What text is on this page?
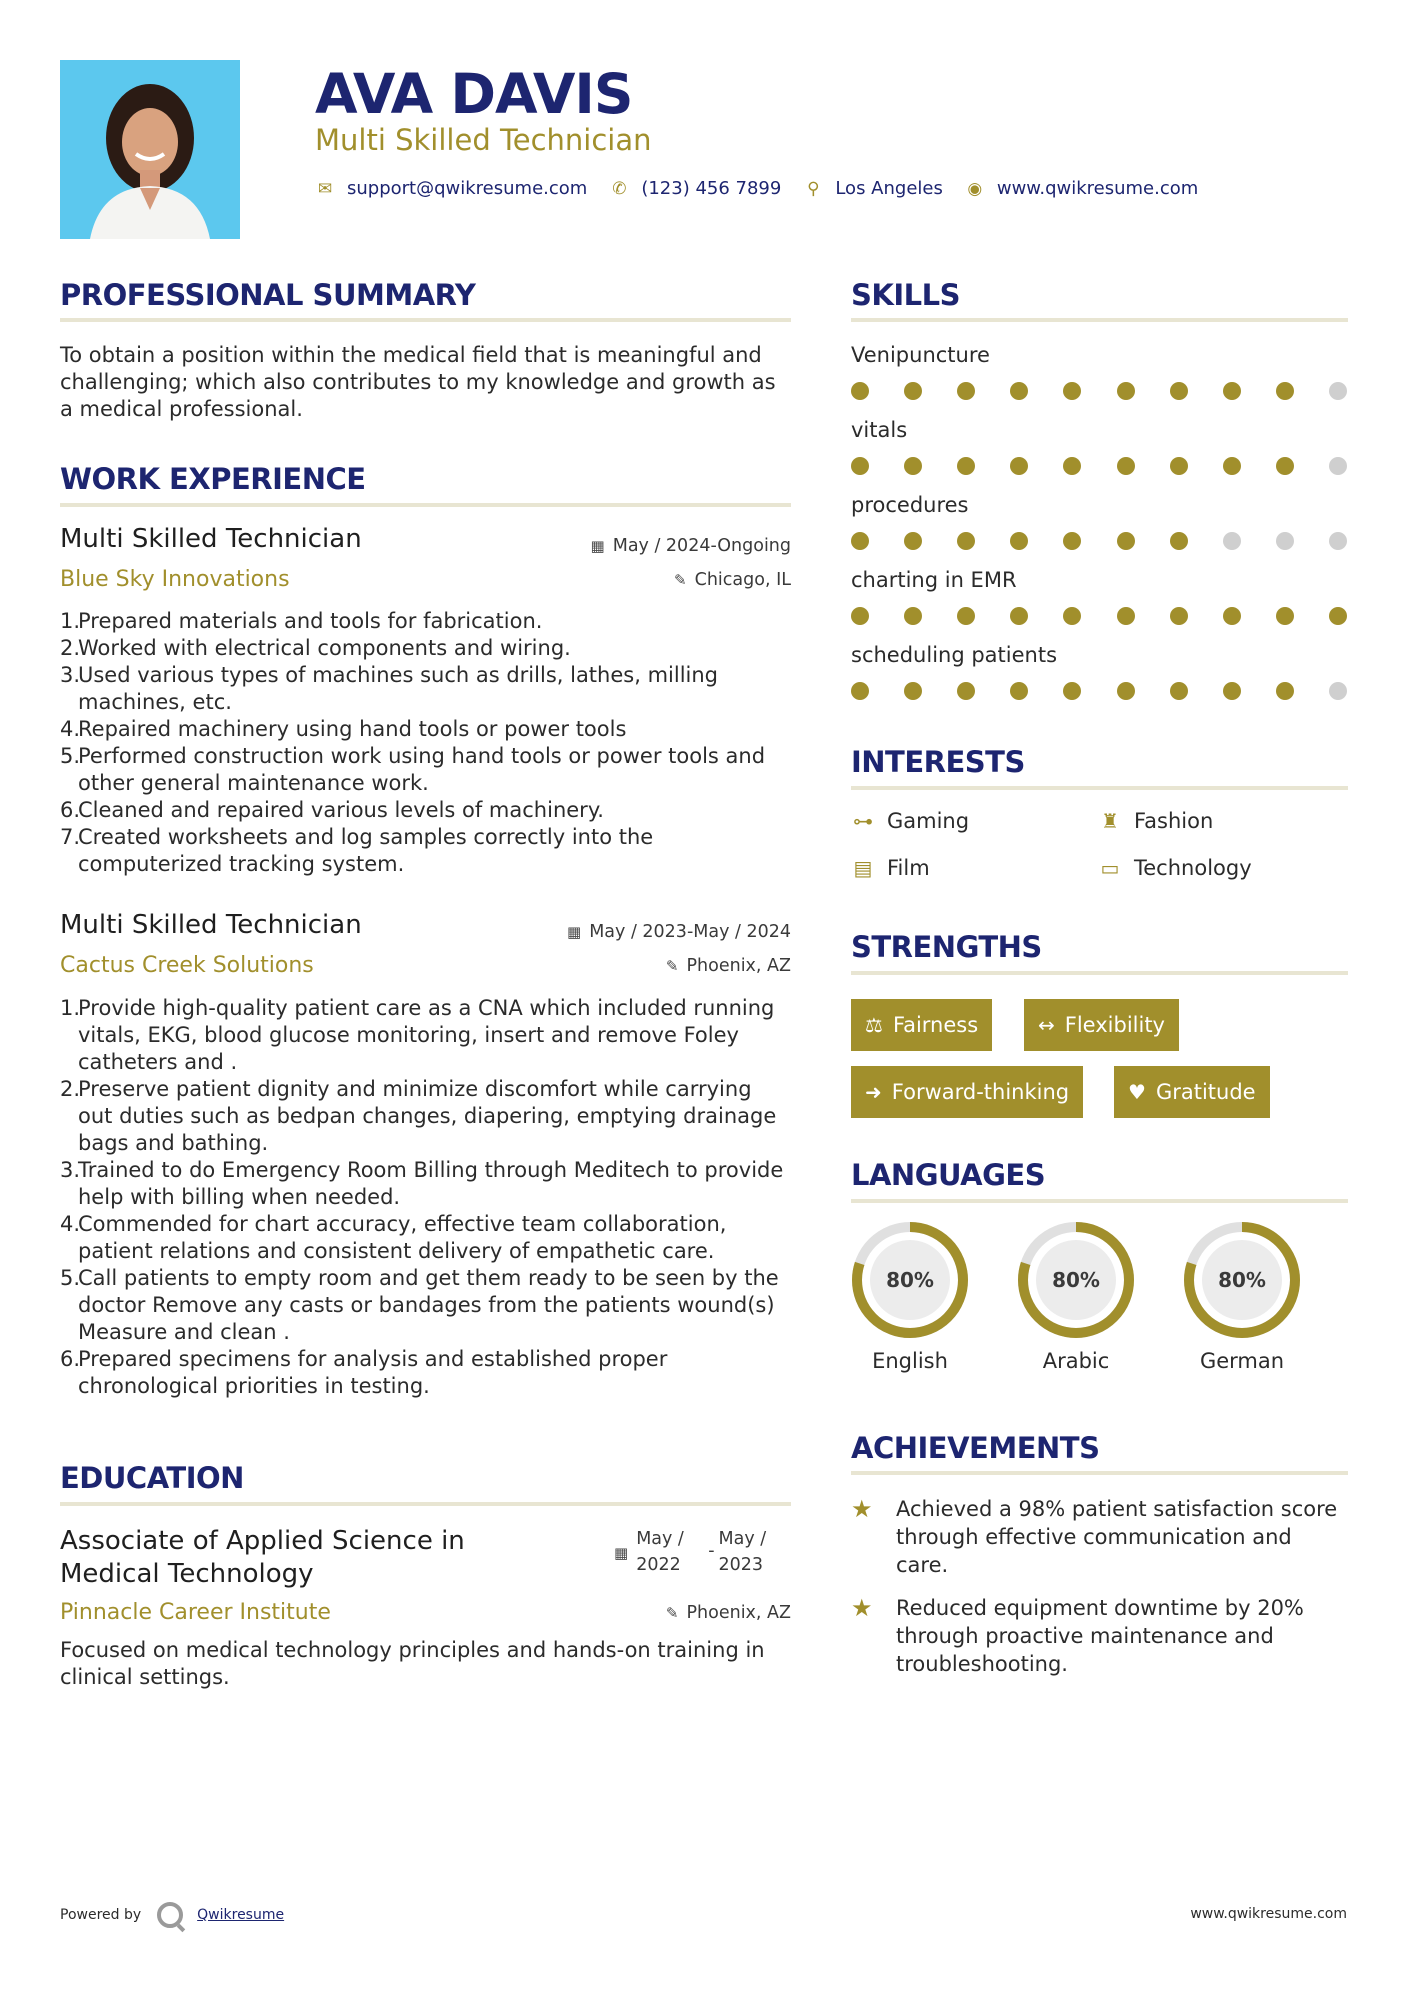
AVA DAVIS
Multi Skilled Technician
✉ support@qwikresume.com ✆ (123) 456 7899 ⚲ Los Angeles ◉ www.qwikresume.com
PROFESSIONAL SUMMARY
To obtain a position within the medical field that is meaningful and challenging; which also contributes to my knowledge and growth as a medical professional.
WORK EXPERIENCE
Multi Skilled Technician	▦ May / 2024-Ongoing
Blue Sky Innovations	✎ Chicago, IL
1.
Prepared materials and tools for fabrication.
2.
Worked with electrical components and wiring.
3.
Used various types of machines such as drills, lathes, milling machines, etc.
4.
Repaired machinery using hand tools or power tools
5.
Performed construction work using hand tools or power tools and other general maintenance work.
6.
Cleaned and repaired various levels of machinery.
7.
Created worksheets and log samples correctly into the computerized tracking system.
Multi Skilled Technician	▦ May / 2023-May / 2024
Cactus Creek Solutions	✎ Phoenix, AZ
1.
Provide high-quality patient care as a CNA which included running vitals, EKG, blood glucose monitoring, insert and remove Foley catheters and .
2.
Preserve patient dignity and minimize discomfort while carrying out duties such as bedpan changes, diapering, emptying drainage bags and bathing.
3.
Trained to do Emergency Room Billing through Meditech to provide help with billing when needed.
4.
Commended for chart accuracy, effective team collaboration, patient relations and consistent delivery of empathetic care.
5.
Call patients to empty room and get them ready to be seen by the doctor Remove any casts or bandages from the patients wound(s) Measure and clean .
6.
Prepared specimens for analysis and established proper chronological priorities in testing.
EDUCATION
Associate of Applied Science in
Medical Technology
▦
May /
2022
-
May /
2023
Pinnacle Career Institute	✎ Phoenix, AZ
Focused on medical technology principles and hands-on training in clinical settings.
SKILLS
Venipuncture
vitals
procedures
charting in EMR
scheduling patients
INTERESTS
⊶ Gaming	♜ Fashion
▤ Film	▭ Technology
STRENGTHS
⚖ Fairness	↔ Flexibility
➜ Forward-thinking	♥ Gratitude
LANGUAGES
80%
English
80%
Arabic
80%
German
ACHIEVEMENTS
★	Achieved a 98% patient satisfaction score through effective communication and care.
★	Reduced equipment downtime by 20% through proactive maintenance and troubleshooting.
Powered by	Qwikresume	www.qwikresume.com
